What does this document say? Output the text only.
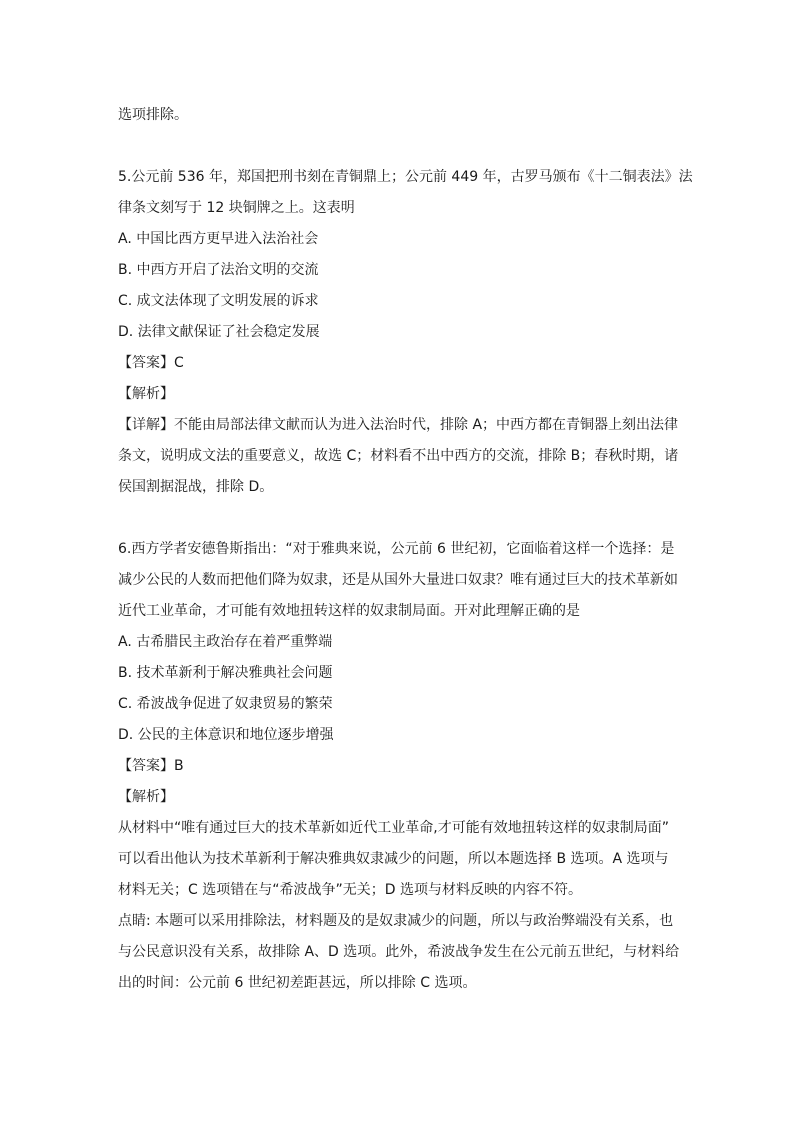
选项排除。
5.公元前 536 年，郑国把刑书刻在青铜鼎上；公元前 449 年，古罗马颁布《十二铜表法》法
律条文刻写于 12 块铜牌之上。这表明
A. 中国比西方更早进入法治社会
B. 中西方开启了法治文明的交流
C. 成文法体现了文明发展的诉求
D. 法律文献保证了社会稳定发展
【答案】C
【解析】
【详解】不能由局部法律文献而认为进入法治时代，排除 A；中西方都在青铜器上刻出法律
条文，说明成文法的重要意义，故选 C；材料看不出中西方的交流，排除 B；春秋时期，诸
侯国割据混战，排除 D。
6.西方学者安德鲁斯指出：“对于雅典来说，公元前 6 世纪初，它面临着这样一个选择：是
减少公民的人数而把他们降为奴隶，还是从国外大量进口奴隶？唯有通过巨大的技术革新如
近代工业革命，才可能有效地扭转这样的奴隶制局面。开对此理解正确的是
A. 古希腊民主政治存在着严重弊端
B. 技术革新利于解决雅典社会问题
C. 希波战争促进了奴隶贸易的繁荣
D. 公民的主体意识和地位逐步增强
【答案】B
【解析】
从材料中“唯有通过巨大的技术革新如近代工业革命,才可能有效地扭转这样的奴隶制局面”
可以看出他认为技术革新利于解决雅典奴隶减少的问题，所以本题选择 B 选项。A 选项与
材料无关；C 选项错在与“希波战争”无关；D 选项与材料反映的内容不符。
点睛: 本题可以采用排除法，材料题及的是奴隶减少的问题，所以与政治弊端没有关系，也
与公民意识没有关系，故排除 A、D 选项。此外，希波战争发生在公元前五世纪，与材料给
出的时间：公元前 6 世纪初差距甚远，所以排除 C 选项。
